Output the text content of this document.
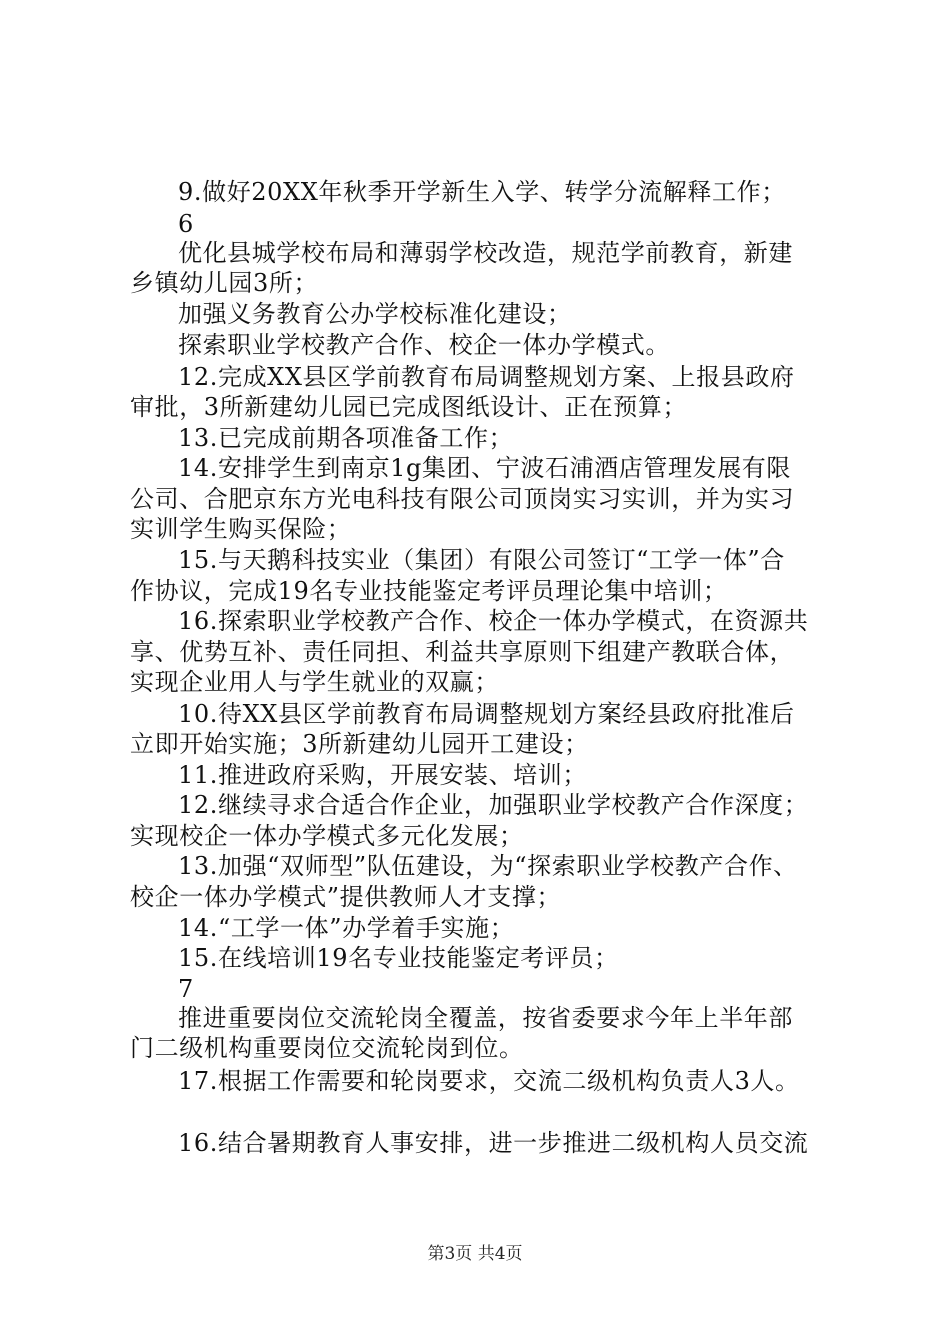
9.做好20XX年秋季开学新生入学、转学分流解释工作；
6
优化县城学校布局和薄弱学校改造，规范学前教育，新建
乡镇幼儿园3所；
加强义务教育公办学校标准化建设；
探索职业学校教产合作、校企一体办学模式。
12.完成XX县区学前教育布局调整规划方案、上报县政府
审批，3所新建幼儿园已完成图纸设计、正在预算；
13.已完成前期各项准备工作；
14.安排学生到南京1g集团、宁波石浦酒店管理发展有限
公司、合肥京东方光电科技有限公司顶岗实习实训，并为实习
实训学生购买保险；
15.与天鹅科技实业（集团）有限公司签订“工学一体”合
作协议，完成19名专业技能鉴定考评员理论集中培训；
16.探索职业学校教产合作、校企一体办学模式，在资源共
享、优势互补、责任同担、利益共享原则下组建产教联合体，
实现企业用人与学生就业的双赢；
10.待XX县区学前教育布局调整规划方案经县政府批准后
立即开始实施；3所新建幼儿园开工建设；
11.推进政府采购，开展安装、培训；
12.继续寻求合适合作企业，加强职业学校教产合作深度；
实现校企一体办学模式多元化发展；
13.加强“双师型”队伍建设，为“探索职业学校教产合作、
校企一体办学模式”提供教师人才支撑；
14.“工学一体”办学着手实施；
15.在线培训19名专业技能鉴定考评员；
7
推进重要岗位交流轮岗全覆盖，按省委要求今年上半年部
门二级机构重要岗位交流轮岗到位。
17.根据工作需要和轮岗要求，交流二级机构负责人3人。
16.结合暑期教育人事安排，进一步推进二级机构人员交流
第3页 共4页
